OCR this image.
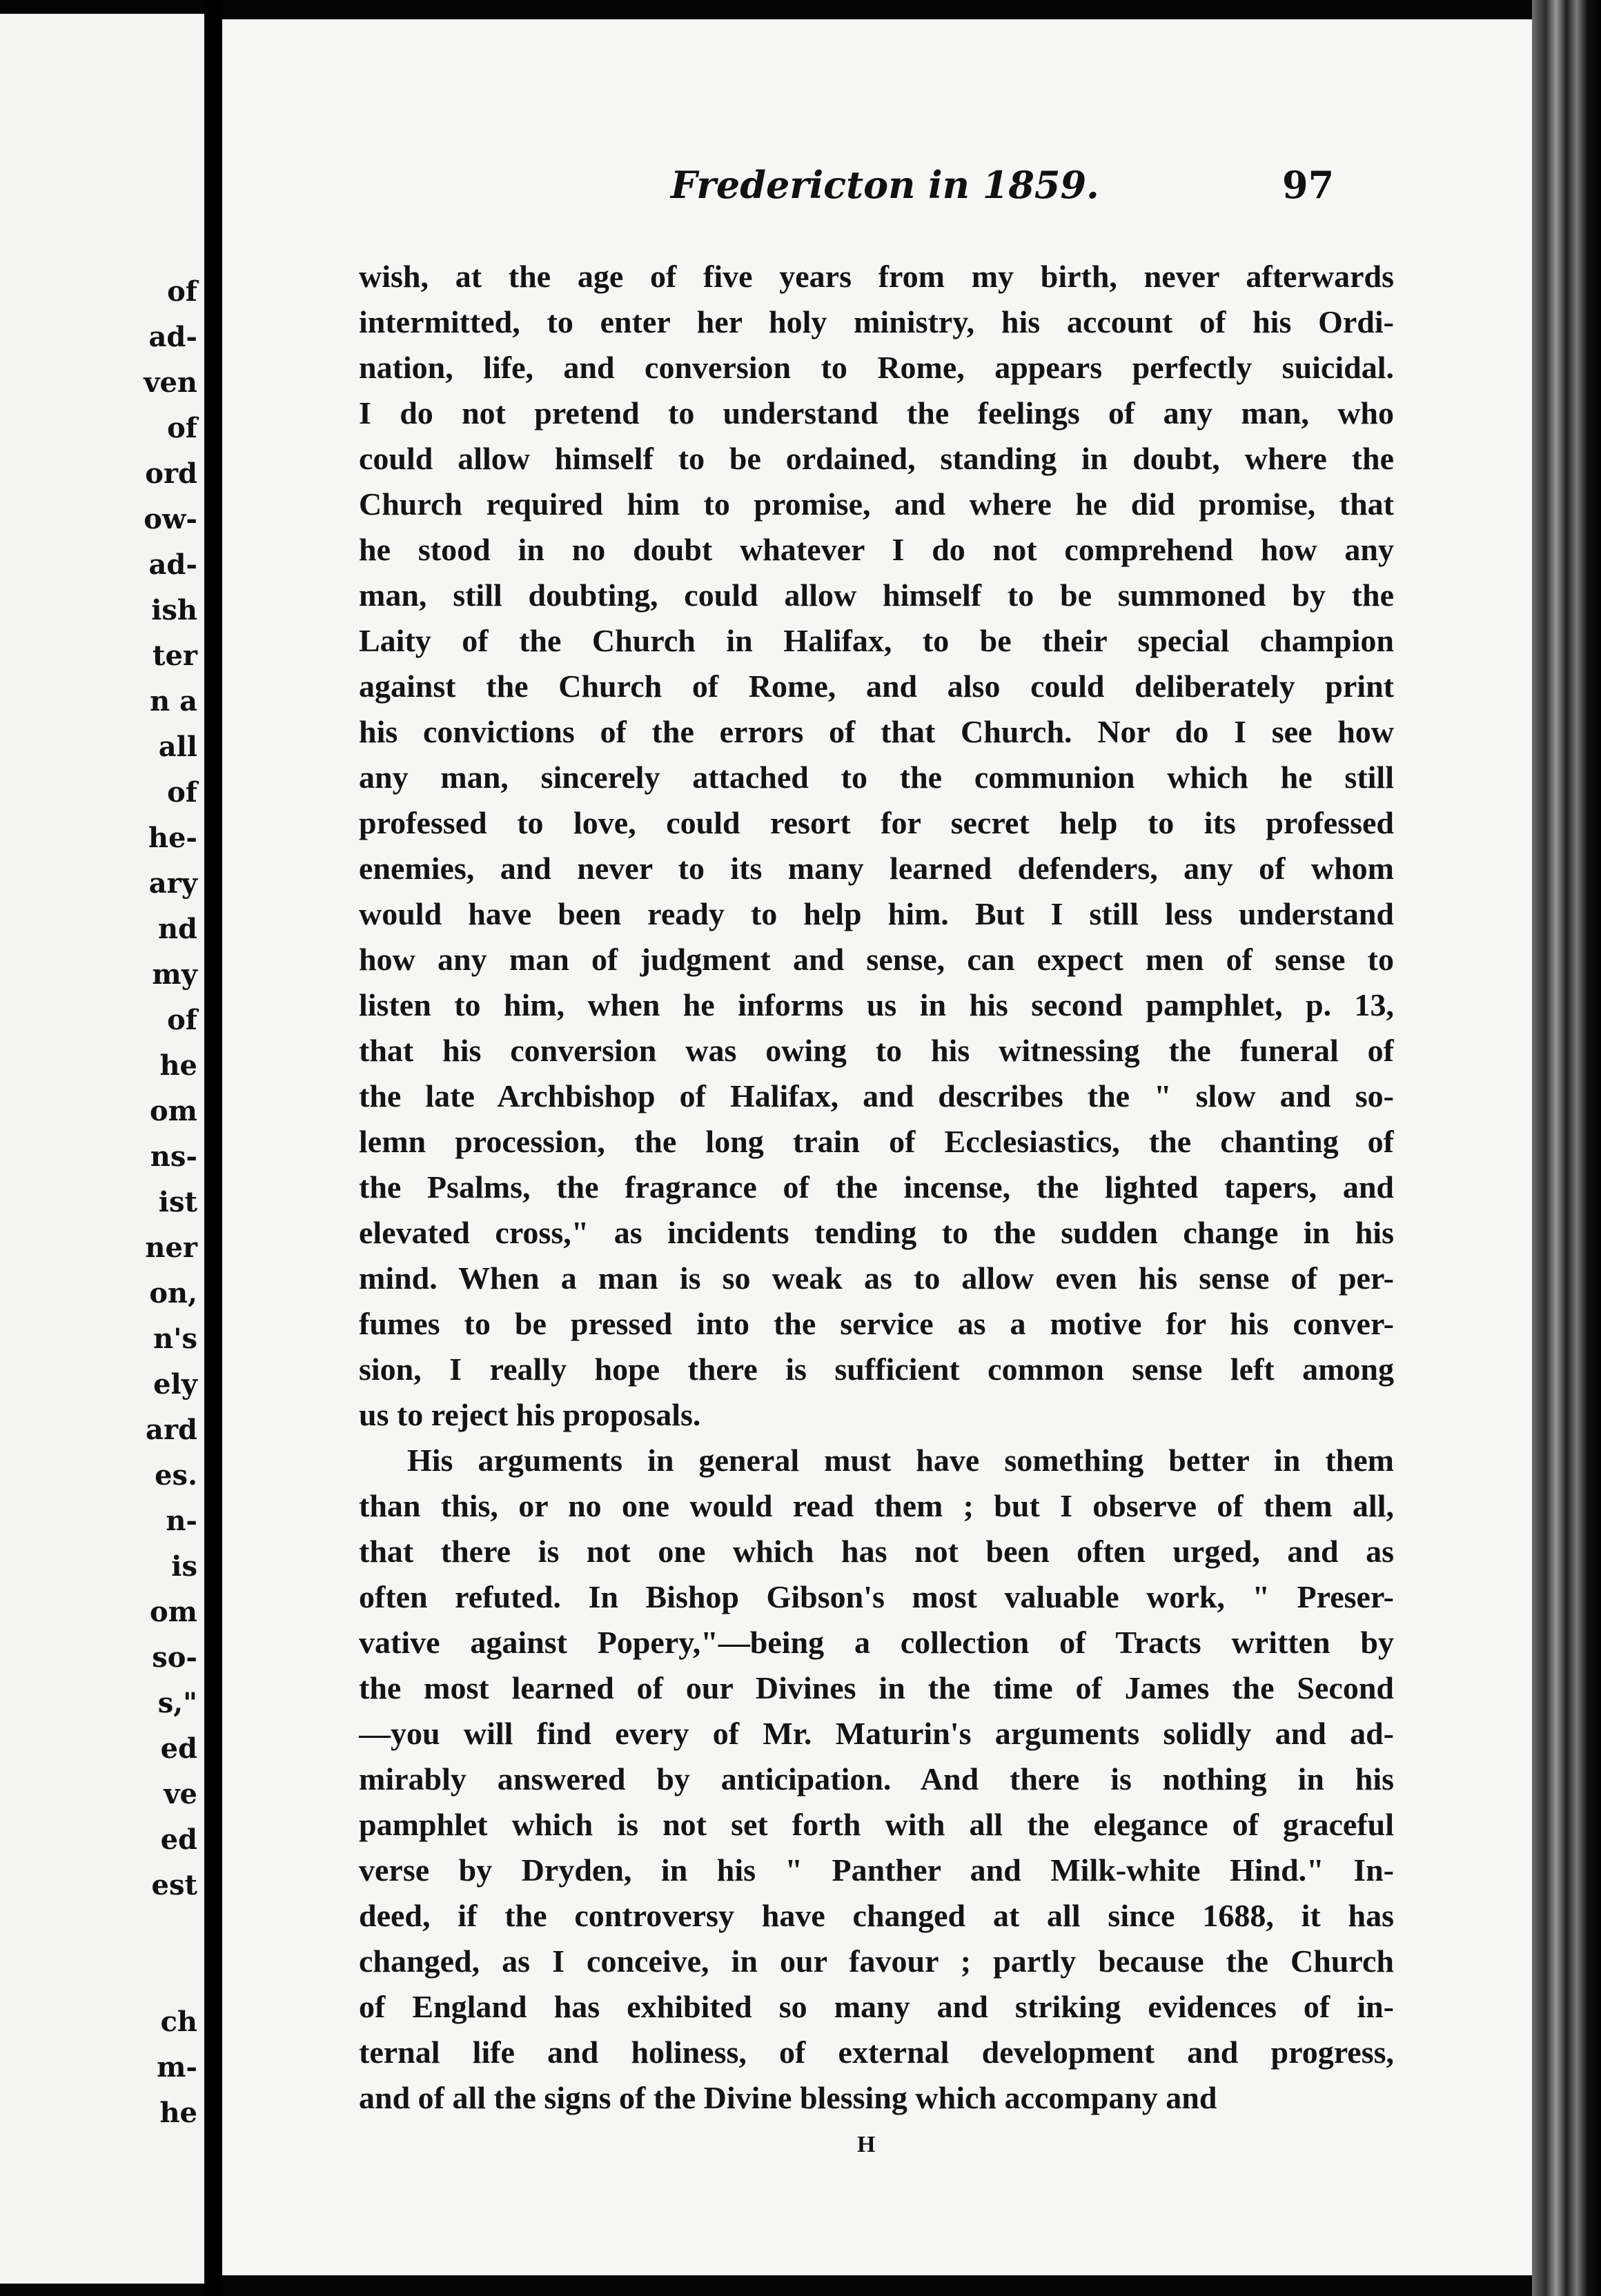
of
ad-
ven
of
ord
ow-
ad-
ish
ter
n a
all
of
he-
ary
nd
my
of
he
om
ns-
ist
ner
on,
n's
ely
ard
es.
n-
is
om
so-
s,"
ed
ve
ed
est
ch
m-
he
Fredericton in 1859.	97
wish, at the age of five years from my birth, never afterwards
intermitted, to enter her holy ministry, his account of his Ordi-
nation, life, and conversion to Rome, appears perfectly suicidal.
I do not pretend to understand the feelings of any man, who
could allow himself to be ordained, standing in doubt, where the
Church required him to promise, and where he did promise, that
he stood in no doubt whatever I do not comprehend how any
man, still doubting, could allow himself to be summoned by the
Laity of the Church in Halifax, to be their special champion
against the Church of Rome, and also could deliberately print
his convictions of the errors of that Church. Nor do I see how
any man, sincerely attached to the communion which he still
professed to love, could resort for secret help to its professed
enemies, and never to its many learned defenders, any of whom
would have been ready to help him. But I still less understand
how any man of judgment and sense, can expect men of sense to
listen to him, when he informs us in his second pamphlet, p. 13,
that his conversion was owing to his witnessing the funeral of
the late Archbishop of Halifax, and describes the " slow and so-
lemn procession, the long train of Ecclesiastics, the chanting of
the Psalms, the fragrance of the incense, the lighted tapers, and
elevated cross," as incidents tending to the sudden change in his
mind. When a man is so weak as to allow even his sense of per-
fumes to be pressed into the service as a motive for his conver-
sion, I really hope there is sufficient common sense left among
us to reject his proposals.
His arguments in general must have something better in them
than this, or no one would read them ; but I observe of them all,
that there is not one which has not been often urged, and as
often refuted. In Bishop Gibson's most valuable work, " Preser-
vative against Popery,"—being a collection of Tracts written by
the most learned of our Divines in the time of James the Second
—you will find every of Mr. Maturin's arguments solidly and ad-
mirably answered by anticipation. And there is nothing in his
pamphlet which is not set forth with all the elegance of graceful
verse by Dryden, in his " Panther and Milk-white Hind." In-
deed, if the controversy have changed at all since 1688, it has
changed, as I conceive, in our favour ; partly because the Church
of England has exhibited so many and striking evidences of in-
ternal life and holiness, of external development and progress,
and of all the signs of the Divine blessing which accompany and
H
